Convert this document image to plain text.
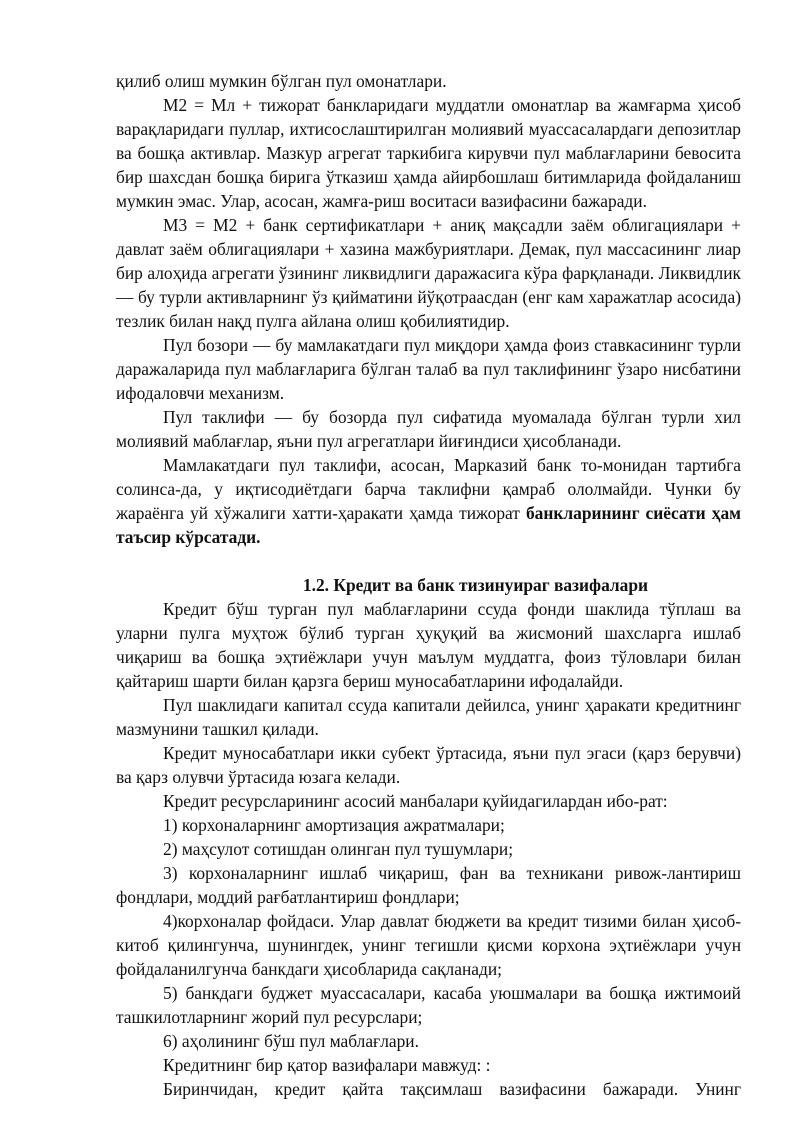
қилиб олиш мумкин бўлган пул омонатлари.

М2 = Мл + тижорат банкларидаги муддатли омонатлар ва жамғарма ҳисоб варақларидаги пуллар, ихтисослаштирилган молиявий муассасалардаги депозитлар ва бошқа активлар. Мазкур агрегат таркибига кирувчи пул маблағларини бевосита бир шахсдан бошқа бирига ўтказиш ҳамда айирбошлаш битимларида фойдаланиш мумкин эмас. Улар, асосан, жамға-риш воситаси вазифасини бажаради.

М3 = М2 + банк сертификатлари + аниқ мақсадли заём облигациялари + давлат заём облигациялари + хазина мажбуриятлари. Демак, пул массасининг лиар бир алоҳида агрегати ўзининг ликвидлиги даражасига кўра фарқланади. Ликвидлик — бу турли активларнинг ўз қийматини йўқотраасдан (енг кам харажатлар асосида) тезлик билан нақд пулга айлана олиш қобилиятидир.

Пул бозори — бу мамлакатдаги пул миқдори ҳамда фоиз ставкасининг турли даражаларида пул маблағларига бўлган талаб ва пул таклифининг ўзаро нисбатини ифодаловчи механизм.

Пул таклифи — бу бозорда пул сифатида муомалада бўлган турли хил молиявий маблағлар, яъни пул агрегатлари йиғиндиси ҳисобланади.

Мамлакатдаги пул таклифи, асосан, Марказий банк то-монидан тартибга солинса-да, у иқтисодиётдаги барча таклифни қамраб ололмайди. Чунки бу жараёнга уй хўжалиги хатти-ҳаракати ҳамда тижорат банкларининг сиёсати ҳам таъсир кўрсатади.

1.2. Кредит ва банк тизинуираг вазифалари

Кредит бўш турган пул маблағларини ссуда фонди шаклида тўплаш ва уларни пулга муҳтож бўлиб турган ҳуқуқий ва жисмоний шахсларга ишлаб чиқариш ва бошқа эҳтиёжлари учун маълум муддатга, фоиз тўловлари билан қайтариш шарти билан қарзга бериш муносабатларини ифодалайди.

Пул шаклидаги капитал ссуда капитали дейилса, унинг ҳаракати кредитнинг мазмунини ташкил қилади.

Кредит муносабатлари икки субект ўртасида, яъни пул эгаси (қарз берувчи) ва қарз олувчи ўртасида юзага келади.

Кредит ресурсларининг асосий манбалари қуйидагилардан ибо-рат:

1) корхоналарнинг амортизация ажратмалари;

2) маҳсулот сотишдан олинган пул тушумлари;

3) корхоналарнинг ишлаб чиқариш, фан ва техникани ривож-лантириш фондлари, моддий рағбатлантириш фондлари;

4)корхоналар фойдаси. Улар давлат бюджети ва кредит тизими билан ҳисоб-китоб қилингунча, шунингдек, унинг тегишли қисми корхона эҳтиёжлари учун фойдаланилгунча банкдаги ҳисобларида сақланади;

5) банкдаги буджет муассасалари, касаба уюшмалари ва бошқа ижтимоий ташкилотларнинг жорий пул ресурслари;

6) аҳолининг бўш пул маблағлари.

Кредитнинг бир қатор вазифалари мавжуд: :

Биринчидан, кредит қайта тақсимлаш вазифасини бажаради. Унинг
